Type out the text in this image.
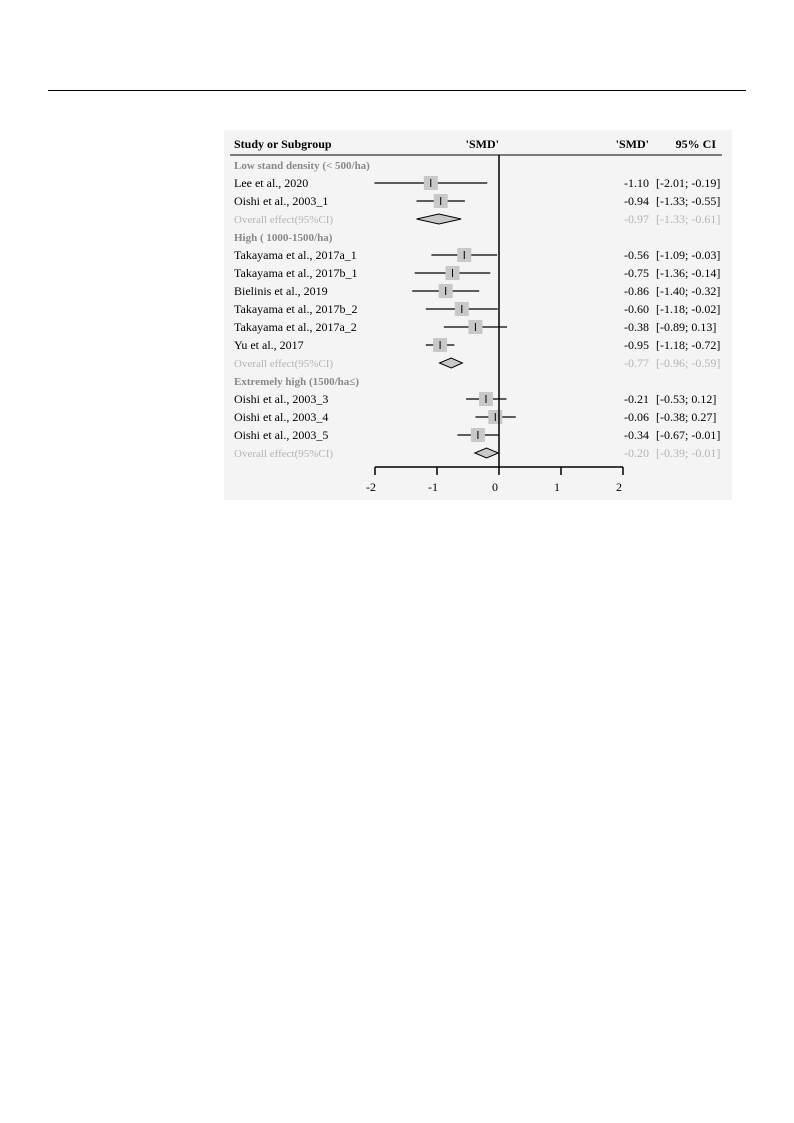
Study or Subgroup	'SMD'	'SMD' 95% CI
Low stand density (< 500/ha)
Lee et al., 2020	-1.10 [-2.01; -0.19]
Oishi et al., 2003_1	-0.94 [-1.33; -0.55]
Overall effect(95%CI)	-0.97 [-1.33; -0.61]
High ( 1000-1500/ha)
Takayama et al., 2017a_1	-0.56 [-1.09; -0.03]
Takayama et al., 2017b_1	-0.75 [-1.36; -0.14]
Bielinis et al., 2019	-0.86 [-1.40; -0.32]
Takayama et al., 2017b_2	-0.60 [-1.18; -0.02]
Takayama et al., 2017a_2	-0.38 [-0.89; 0.13]
Yu et al., 2017	-0.95 [-1.18; -0.72]
Overall effect(95%CI)	-0.77 [-0.96; -0.59]
Extremely high (1500/ha≤)
Oishi et al., 2003_3	-0.21 [-0.53; 0.12]
Oishi et al., 2003_4	-0.06 [-0.38; 0.27]
Oishi et al., 2003_5	-0.34 [-0.67; -0.01]
Overall effect(95%CI)	-0.20 [-0.39; -0.01]
-2	-1	0	1	2
